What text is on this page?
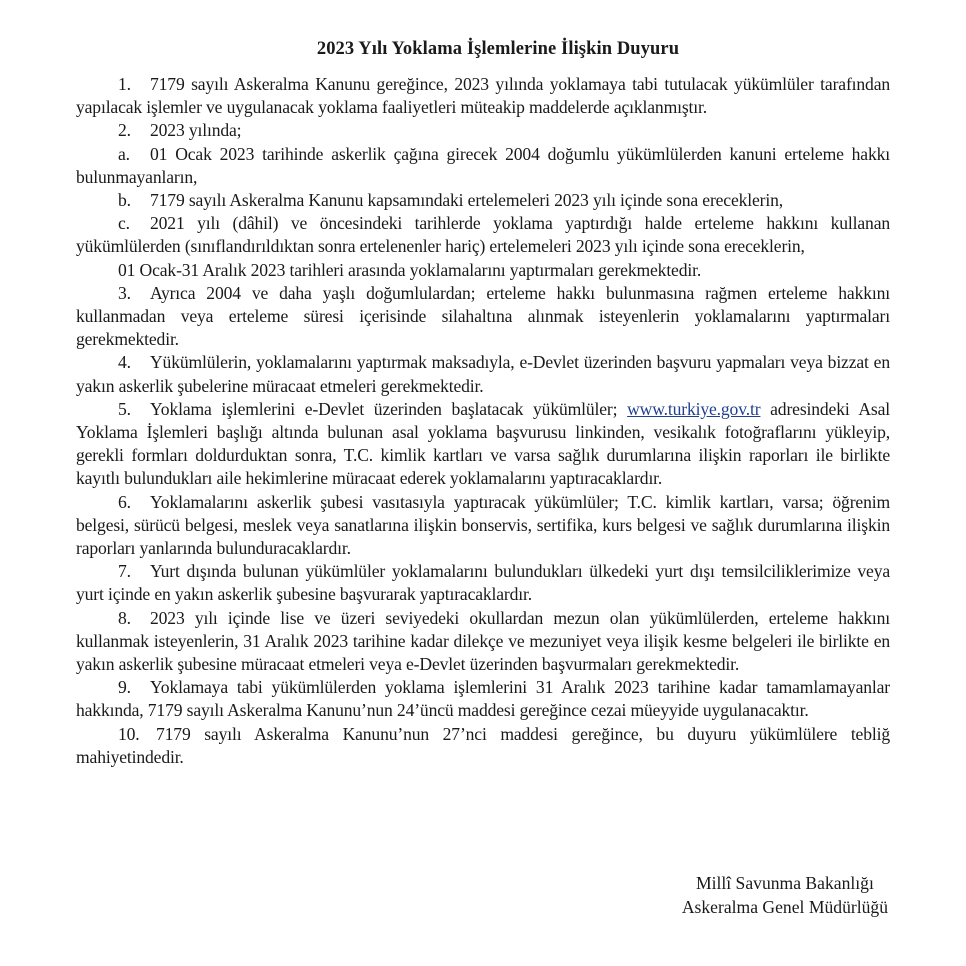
2023 Yılı Yoklama İşlemlerine İlişkin Duyuru

1. 7179 sayılı Askeralma Kanunu gereğince, 2023 yılında yoklamaya tabi tutulacak yükümlüler tarafından yapılacak işlemler ve uygulanacak yoklama faaliyetleri müteakip maddelerde açıklanmıştır.

2. 2023 yılında;

a. 01 Ocak 2023 tarihinde askerlik çağına girecek 2004 doğumlu yükümlülerden kanuni erteleme hakkı bulunmayanların,

b. 7179 sayılı Askeralma Kanunu kapsamındaki ertelemeleri 2023 yılı içinde sona ereceklerin,

c. 2021 yılı (dâhil) ve öncesindeki tarihlerde yoklama yaptırdığı halde erteleme hakkını kullanan yükümlülerden (sınıflandırıldıktan sonra ertelenenler hariç) ertelemeleri 2023 yılı içinde sona ereceklerin,

01 Ocak-31 Aralık 2023 tarihleri arasında yoklamalarını yaptırmaları gerekmektedir.

3. Ayrıca 2004 ve daha yaşlı doğumlulardan; erteleme hakkı bulunmasına rağmen erteleme hakkını kullanmadan veya erteleme süresi içerisinde silahaltına alınmak isteyenlerin yoklamalarını yaptırmaları gerekmektedir.

4. Yükümlülerin, yoklamalarını yaptırmak maksadıyla, e-Devlet üzerinden başvuru yapmaları veya bizzat en yakın askerlik şubelerine müracaat etmeleri gerekmektedir.

5. Yoklama işlemlerini e-Devlet üzerinden başlatacak yükümlüler; www.turkiye.gov.tr adresindeki Asal Yoklama İşlemleri başlığı altında bulunan asal yoklama başvurusu linkinden, vesikalık fotoğraflarını yükleyip, gerekli formları doldurduktan sonra, T.C. kimlik kartları ve varsa sağlık durumlarına ilişkin raporları ile birlikte kayıtlı bulundukları aile hekimlerine müracaat ederek yoklamalarını yaptıracaklardır.

6. Yoklamalarını askerlik şubesi vasıtasıyla yaptıracak yükümlüler; T.C. kimlik kartları, varsa; öğrenim belgesi, sürücü belgesi, meslek veya sanatlarına ilişkin bonservis, sertifika, kurs belgesi ve sağlık durumlarına ilişkin raporları yanlarında bulunduracaklardır.

7. Yurt dışında bulunan yükümlüler yoklamalarını bulundukları ülkedeki yurt dışı temsilciliklerimize veya yurt içinde en yakın askerlik şubesine başvurarak yaptıracaklardır.

8. 2023 yılı içinde lise ve üzeri seviyedeki okullardan mezun olan yükümlülerden, erteleme hakkını kullanmak isteyenlerin, 31 Aralık 2023 tarihine kadar dilekçe ve mezuniyet veya ilişik kesme belgeleri ile birlikte en yakın askerlik şubesine müracaat etmeleri veya e-Devlet üzerinden başvurmaları gerekmektedir.

9. Yoklamaya tabi yükümlülerden yoklama işlemlerini 31 Aralık 2023 tarihine kadar tamamlamayanlar hakkında, 7179 sayılı Askeralma Kanunu’nun 24’üncü maddesi gereğince cezai müeyyide uygulanacaktır.

10. 7179 sayılı Askeralma Kanunu’nun 27’nci maddesi gereğince, bu duyuru yükümlülere tebliğ mahiyetindedir.

Millî Savunma Bakanlığı
Askeralma Genel Müdürlüğü
